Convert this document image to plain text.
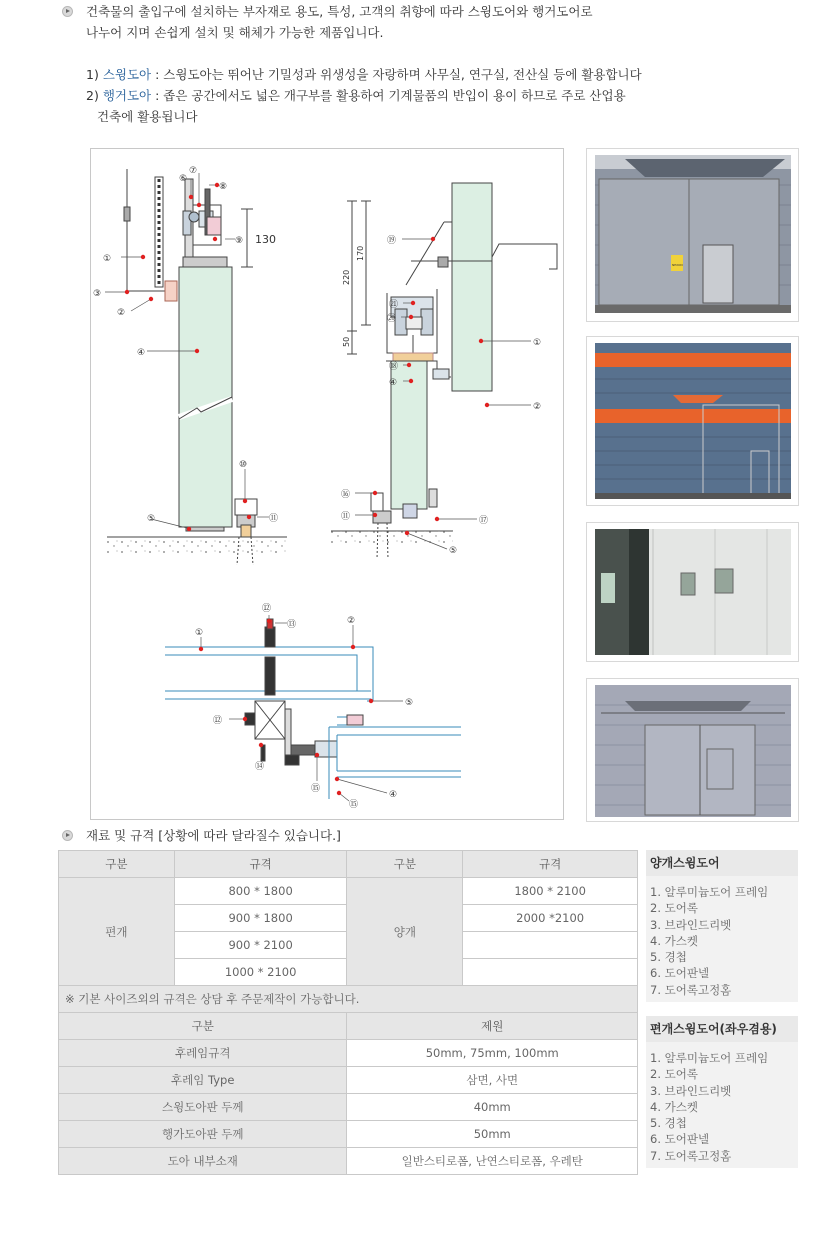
건축물의 출입구에 설치하는 부자재로 용도, 특성, 고객의 취향에 따라 스윙도어와 행거도어로
나누어 지며 손쉽게 설치 및 해체가 가능한 제품입니다.
1) 스윙도아 : 스윙도아는 뛰어난 기밀성과 위생성을 자랑하며 사무실, 연구실, 전산실 등에 활용합니다
2) 행거도아 : 좁은 공간에서도 넓은 개구부를 활용하여 기계물품의 반입이 용이 하므로 주로 산업용
건축에 활용됩니다
130
220
170
50
①
③
②
④
⑤
⑥
⑦
⑧
⑨
⑩
⑪
⑲
㉑
⑳
⑱
④
①
②
⑯
⑪	⑰
⑤
①
⑫
⑬	②
⑤
⑫
⑭
⑮
④
⑮
NEXON
재료 및 규격 [상황에 따라 달라질수 있습니다.]
구분	규격	구분	규격
편개	800 * 1800	양개	1800 * 2100
	900 * 1800		2000 *2100
	900 * 2100		
	1000 * 2100		
※ 기본 사이즈외의 규격은 상담 후 주문제작이 가능합니다.			
구분		제원	
후레임규격		50mm, 75mm, 100mm	
후레임 Type		삼면, 사면	
스윙도아판 두께		40mm	
행가도아판 두께		50mm	
도아 내부소재		일반스티로폼, 난연스티로폼, 우레탄	
양개스윙도어
1. 알루미늄도어 프레임
2. 도어록
3. 브라인드리벳
4. 가스켓
5. 경첩
6. 도어판넬
7. 도어록고정홈
편개스윙도어(좌우겸용)
1. 알루미늄도어 프레임
2. 도어록
3. 브라인드리벳
4. 가스켓
5. 경첩
6. 도어판넬
7. 도어록고정홈
